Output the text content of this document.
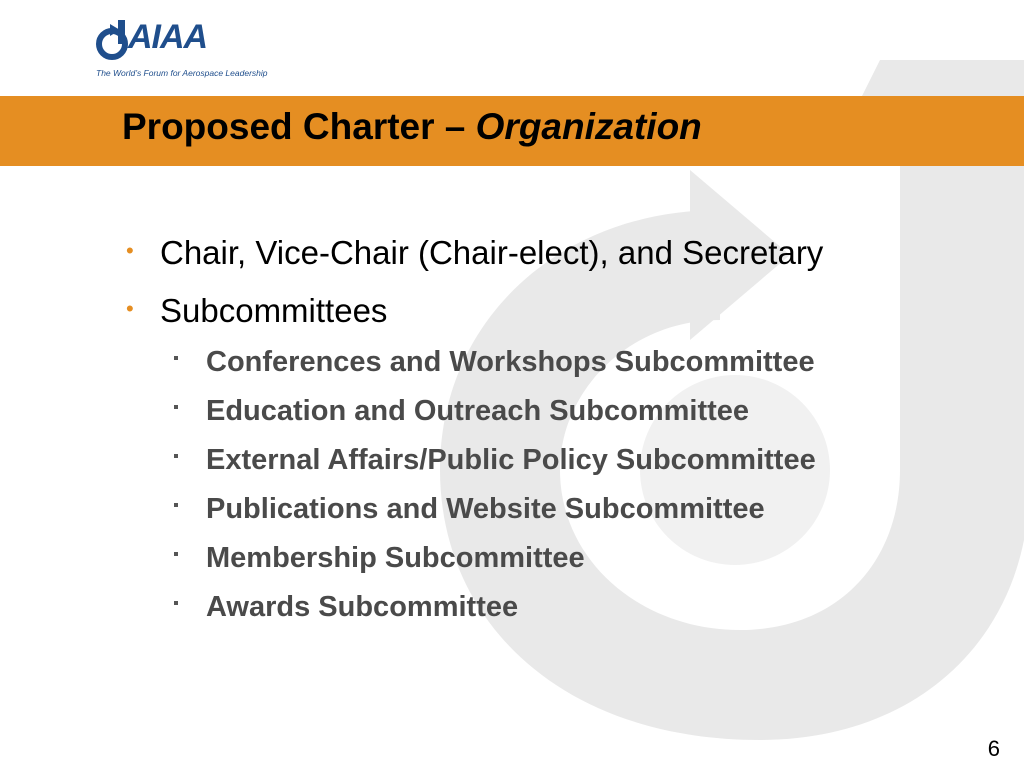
AIAA
The World’s Forum for Aerospace Leadership
Proposed Charter – Organization
• Chair, Vice-Chair (Chair-elect), and Secretary
• Subcommittees
Conferences and Workshops Subcommittee
Education and Outreach Subcommittee
External Affairs/Public Policy Subcommittee
Publications and Website Subcommittee
Membership Subcommittee
Awards Subcommittee
6
